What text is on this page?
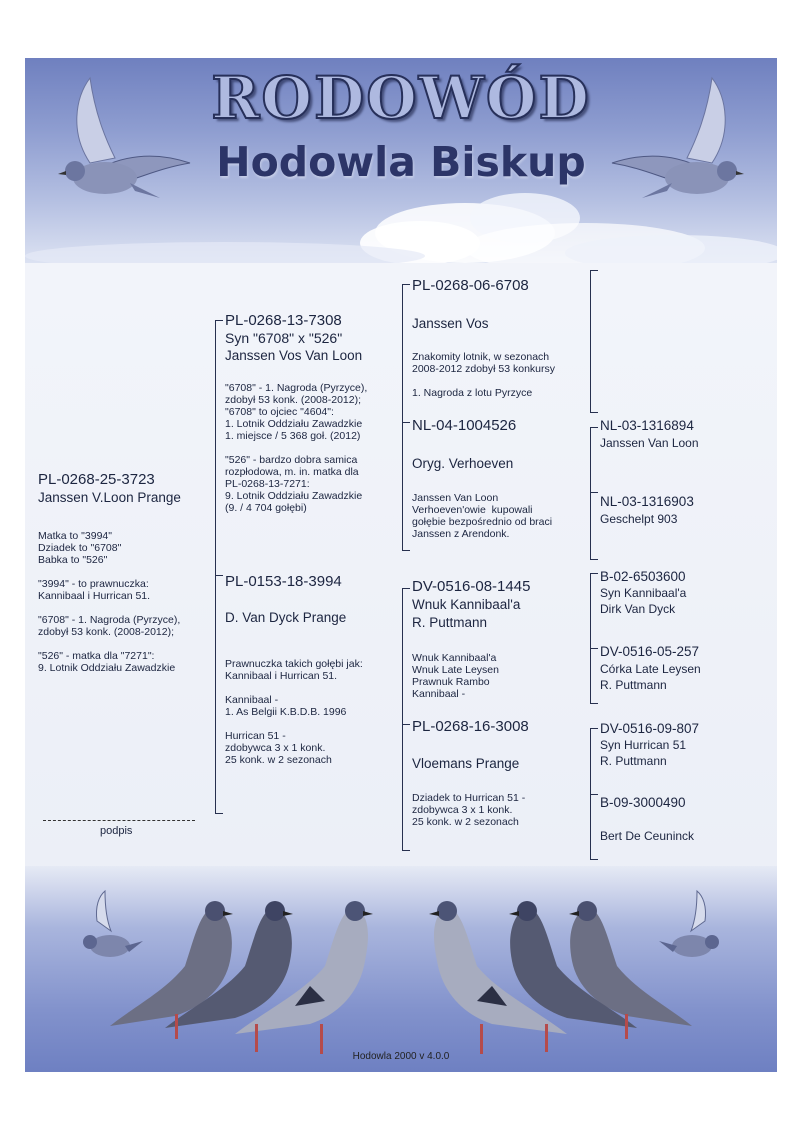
RODOWÓD
Hodowla Biskup
PL-0268-25-3723
Janssen V.Loon Prange
Matka to "3994"
Dziadek to "6708"
Babka to "526"

"3994" - to prawnuczka:
Kannibaal i Hurrican 51.

"6708" - 1. Nagroda (Pyrzyce),
zdobył 53 konk. (2008-2012);

"526" - matka dla "7271":
9. Lotnik Oddziału Zawadzkie
podpis
PL-0268-13-7308
Syn "6708" x "526"
Janssen Vos Van Loon
"6708" - 1. Nagroda (Pyrzyce),
zdobył 53 konk. (2008-2012);
"6708" to ojciec "4604":
1. Lotnik Oddziału Zawadzkie
1. miejsce / 5 368 goł. (2012)

"526" - bardzo dobra samica
rozpłodowa, m. in. matka dla
PL-0268-13-7271:
9. Lotnik Oddziału Zawadzkie
(9. / 4 704 gołębi)
PL-0153-18-3994
D. Van Dyck Prange
Prawnuczka takich gołębi jak:
Kannibaal i Hurrican 51.

Kannibaal -
1. As Belgii K.B.D.B. 1996

Hurrican 51 -
zdobywca 3 x 1 konk.
25 konk. w 2 sezonach
PL-0268-06-6708
Janssen Vos
Znakomity lotnik, w sezonach
2008-2012 zdobył 53 konkursy

1. Nagroda z lotu Pyrzyce
NL-04-1004526
Oryg. Verhoeven
Janssen Van Loon
Verhoeven'owie  kupowali
gołębie bezpośrednio od braci
Janssen z Arendonk.
DV-0516-08-1445
Wnuk Kannibaal'a
R. Puttmann
Wnuk Kannibaal'a
Wnuk Late Leysen
Prawnuk Rambo
Kannibaal -
PL-0268-16-3008
Vloemans Prange
Dziadek to Hurrican 51 -
zdobywca 3 x 1 konk.
25 konk. w 2 sezonach
NL-03-1316894
Janssen Van Loon
NL-03-1316903
Geschelpt 903
B-02-6503600
Syn Kannibaal'a
Dirk Van Dyck
DV-0516-05-257
Córka Late Leysen
R. Puttmann
DV-0516-09-807
Syn Hurrican 51
R. Puttmann
B-09-3000490
Bert De Ceuninck
Hodowla 2000 v 4.0.0
